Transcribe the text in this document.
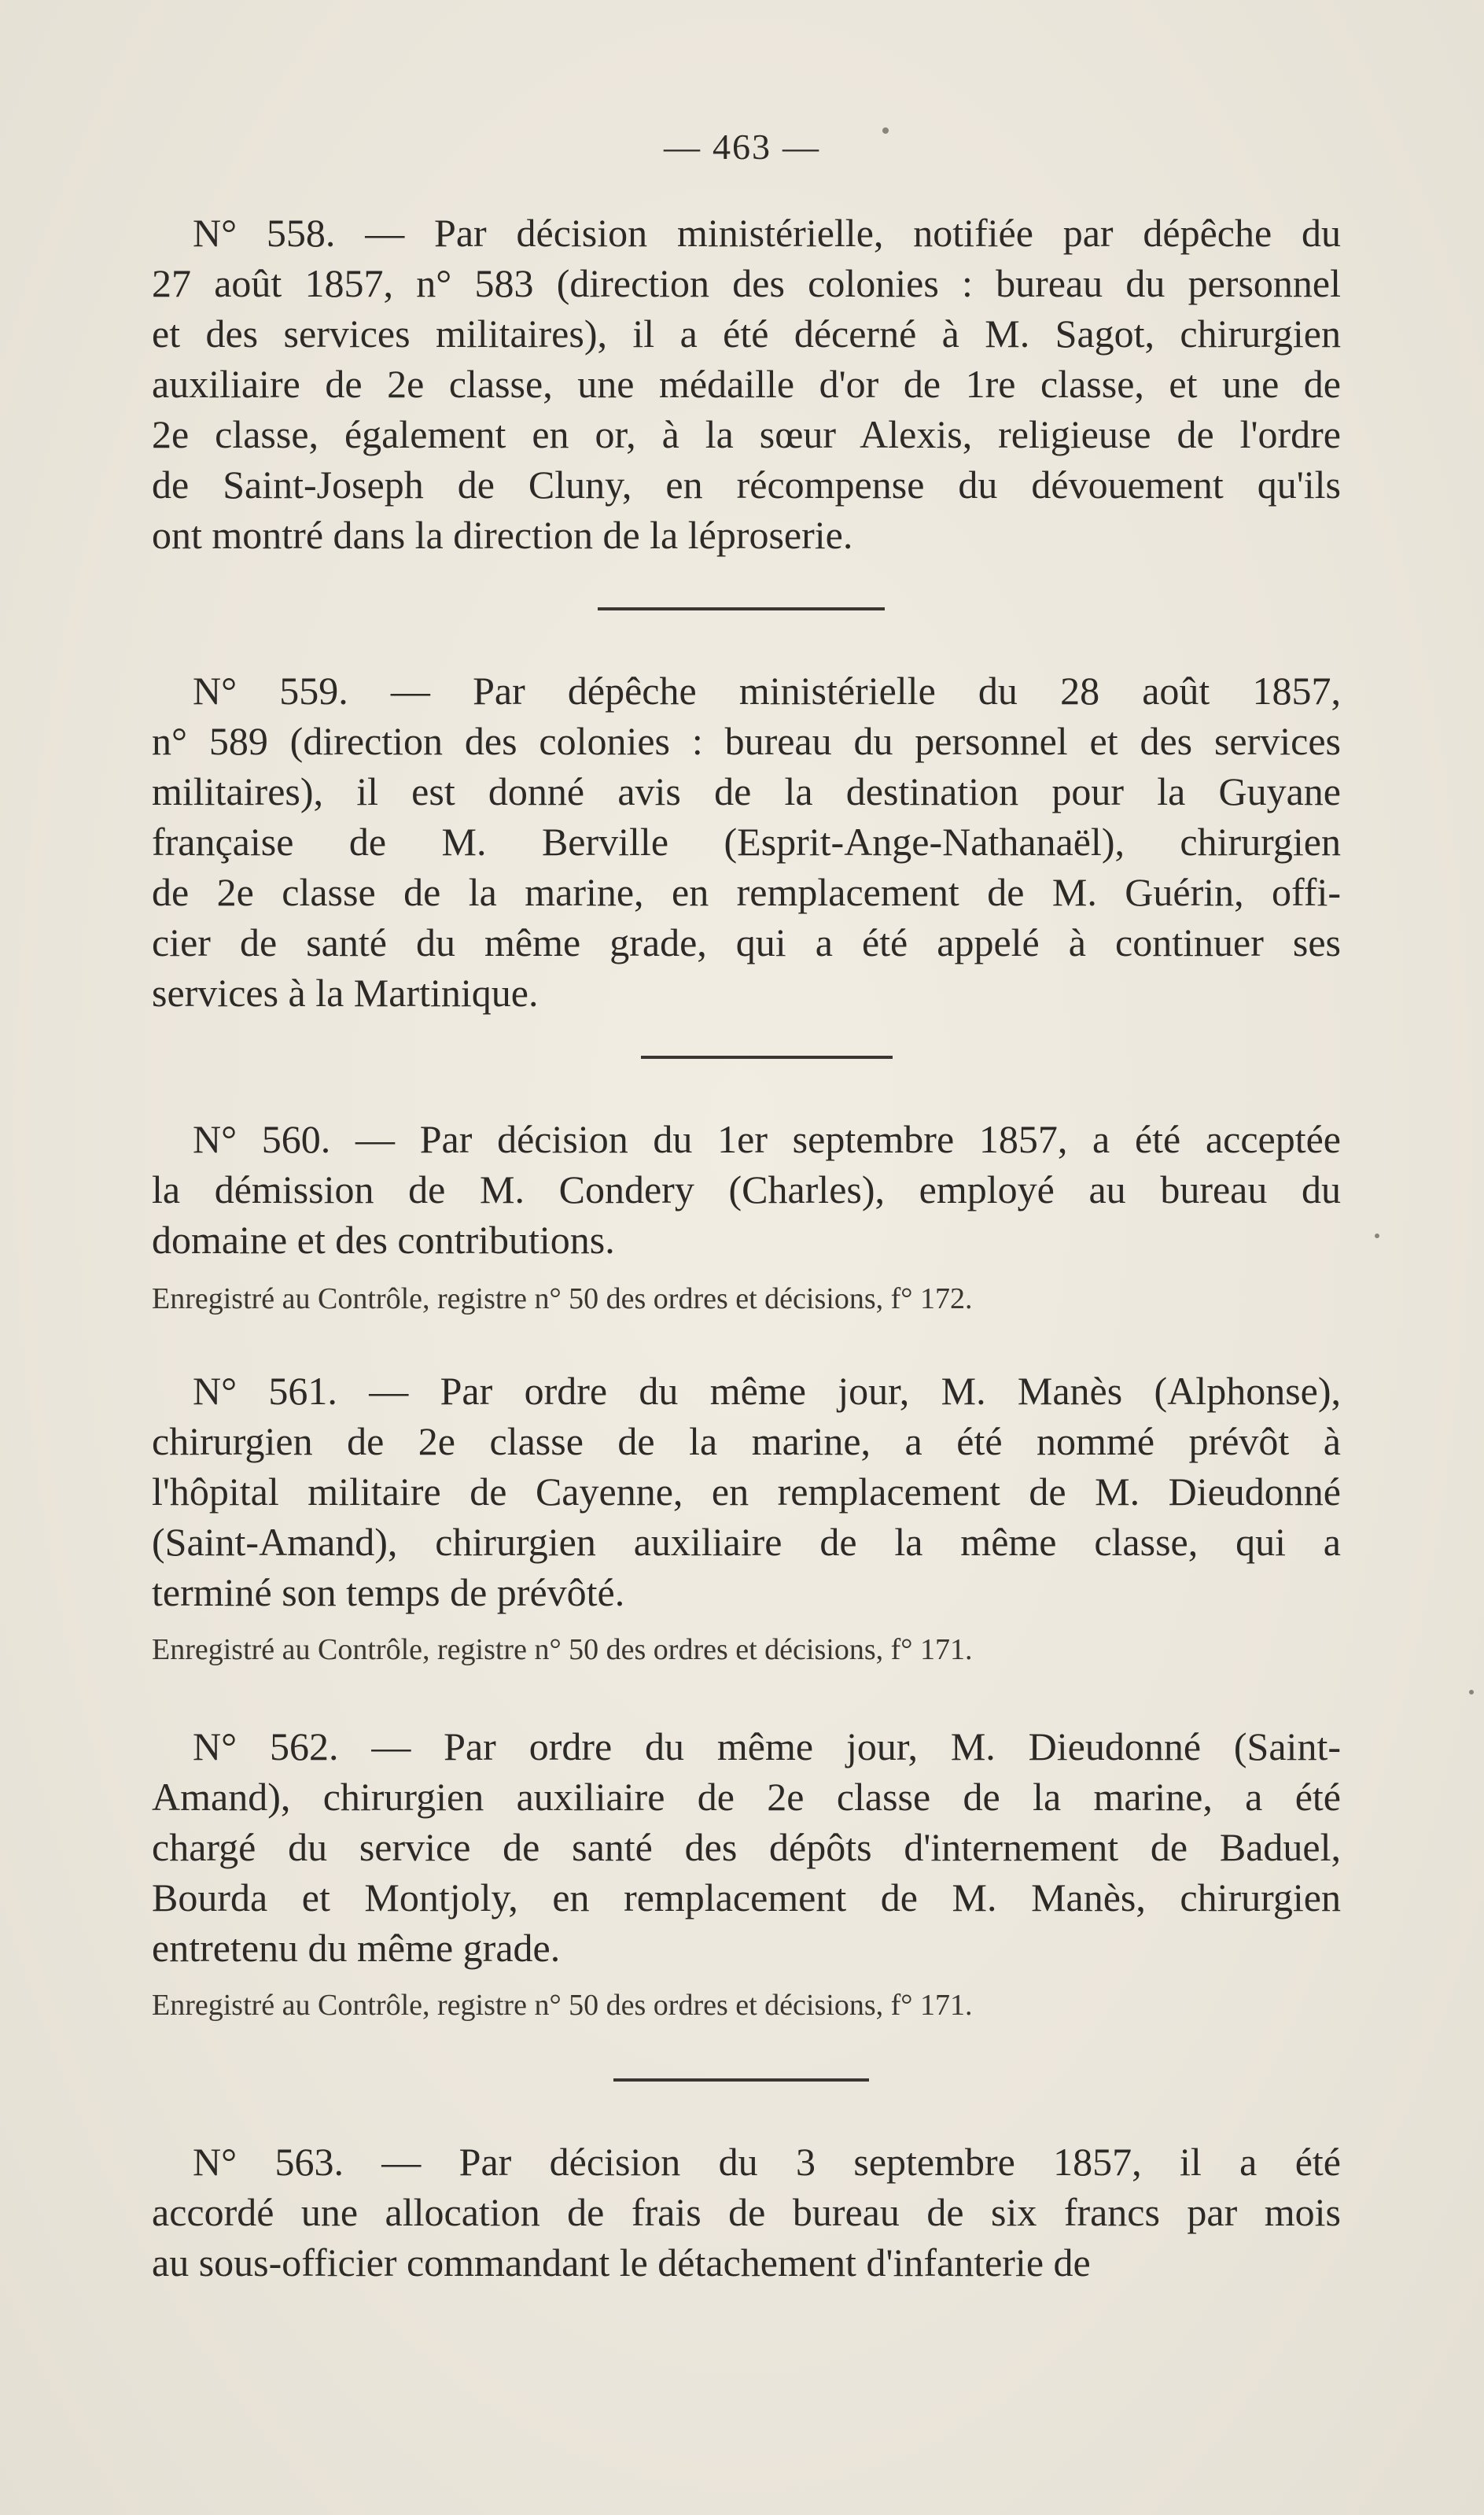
— 463 —
N° 558. — Par décision ministérielle, notifiée par dépêche du
27 août 1857, n° 583 (direction des colonies : bureau du personnel
et des services militaires), il a été décerné à M. Sagot, chirurgien
auxiliaire de 2e classe, une médaille d'or de 1re classe, et une de
2e classe, également en or, à la sœur Alexis, religieuse de l'ordre
de Saint-Joseph de Cluny, en récompense du dévouement qu'ils
ont montré dans la direction de la léproserie.
N° 559. — Par dépêche ministérielle du 28 août 1857,
n° 589 (direction des colonies : bureau du personnel et des services
militaires), il est donné avis de la destination pour la Guyane
française de M. Berville (Esprit-Ange-Nathanaël), chirurgien
de 2e classe de la marine, en remplacement de M. Guérin, offi-
cier de santé du même grade, qui a été appelé à continuer ses
services à la Martinique.
N° 560. — Par décision du 1er septembre 1857, a été acceptée
la démission de M. Condery (Charles), employé au bureau du
domaine et des contributions.

Enregistré au Contrôle, registre n° 50 des ordres et décisions, f° 172.

N° 561. — Par ordre du même jour, M. Manès (Alphonse),
chirurgien de 2e classe de la marine, a été nommé prévôt à
l'hôpital militaire de Cayenne, en remplacement de M. Dieudonné
(Saint-Amand), chirurgien auxiliaire de la même classe, qui a
terminé son temps de prévôté.

Enregistré au Contrôle, registre n° 50 des ordres et décisions, f° 171.

N° 562. — Par ordre du même jour, M. Dieudonné (Saint-
Amand), chirurgien auxiliaire de 2e classe de la marine, a été
chargé du service de santé des dépôts d'internement de Baduel,
Bourda et Montjoly, en remplacement de M. Manès, chirurgien
entretenu du même grade.

Enregistré au Contrôle, registre n° 50 des ordres et décisions, f° 171.

N° 563. — Par décision du 3 septembre 1857, il a été
accordé une allocation de frais de bureau de six francs par mois
au sous-officier commandant le détachement d'infanterie de
